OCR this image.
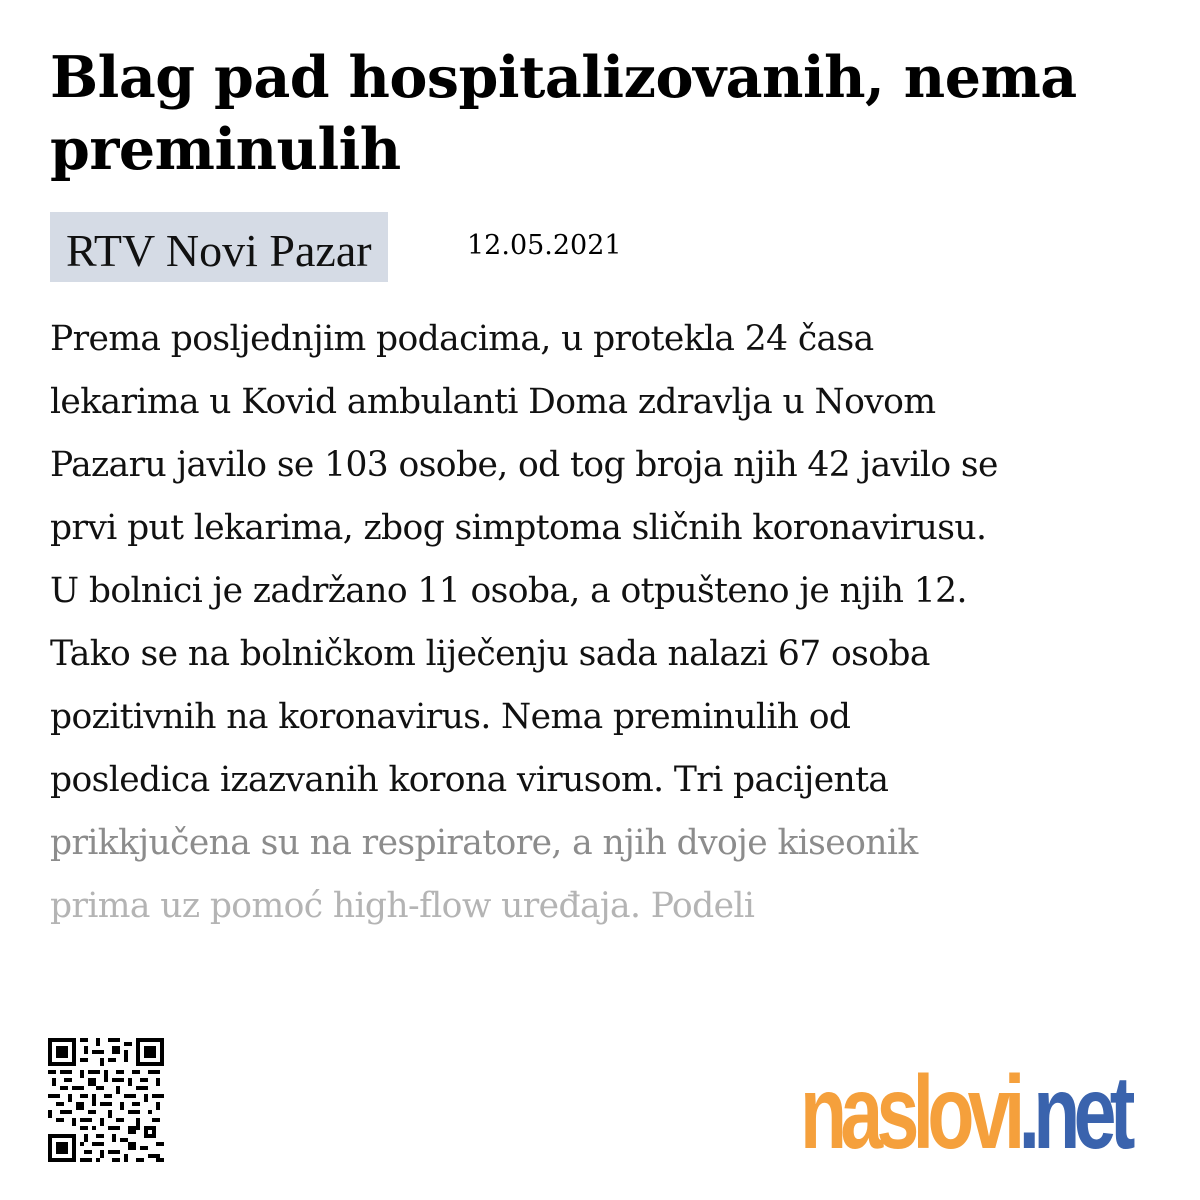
Blag pad hospitalizovanih, nema preminulih
RTV Novi Pazar	12.05.2021
Prema posljednjim podacima, u protekla 24 časa
lekarima u Kovid ambulanti Doma zdravlja u Novom
Pazaru javilo se 103 osobe, od tog broja njih 42 javilo se
prvi put lekarima, zbog simptoma sličnih koronavirusu.
U bolnici je zadržano 11 osoba, a otpušteno je njih 12.
Tako se na bolničkom liječenju sada nalazi 67 osoba
pozitivnih na koronavirus. Nema preminulih od
posledica izazvanih korona virusom. Tri pacijenta
prikkjučena su na respiratore, a njih dvoje kiseonik
prima uz pomoć high-flow uređaja. Podeli
naslovi.net
